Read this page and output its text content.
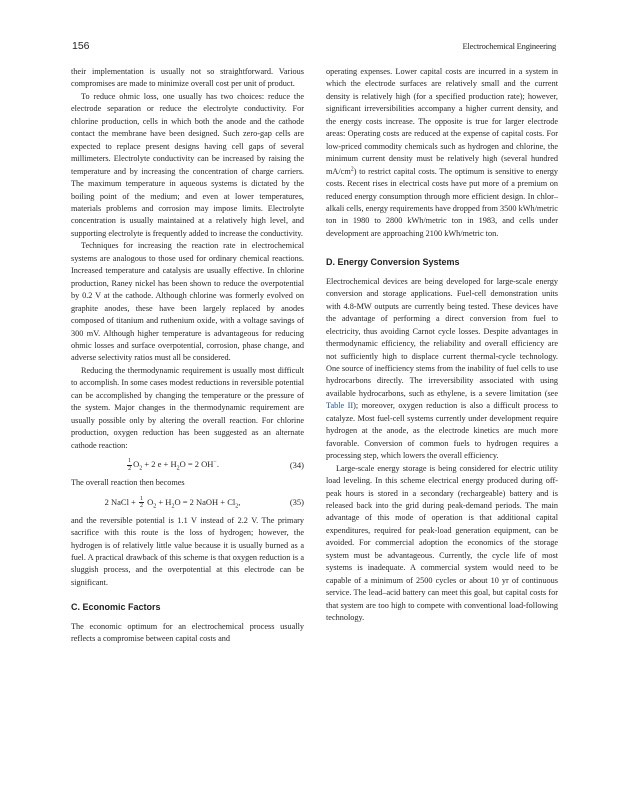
156	Electrochemical Engineering

their implementation is usually not so straightforward. Various compromises are made to minimize overall cost per unit of product.

To reduce ohmic loss, one usually has two choices: reduce the electrode separation or reduce the electrolyte conductivity. For chlorine production, cells in which both the anode and the cathode contact the membrane have been designed. Such zero-gap cells are expected to replace present designs having cell gaps of several millimeters. Electrolyte conductivity can be increased by raising the temperature and by increasing the concentration of charge carriers. The maximum temperature in aqueous systems is dictated by the boiling point of the medium; and even at lower temperatures, materials problems and corrosion may impose limits. Electrolyte concentration is usually maintained at a relatively high level, and supporting electrolyte is frequently added to increase the conductivity.

Techniques for increasing the reaction rate in electrochemical systems are analogous to those used for ordinary chemical reactions. Increased temperature and catalysis are usually effective. In chlorine production, Raney nickel has been shown to reduce the overpotential by 0.2 V at the cathode. Although chlorine was formerly evolved on graphite anodes, these have been largely replaced by anodes composed of titanium and ruthenium oxide, with a voltage savings of 300 mV. Although higher temperature is advantageous for reducing ohmic losses and surface overpotential, corrosion, phase change, and adverse selectivity ratios must all be considered.

Reducing the thermodynamic requirement is usually most difficult to accomplish. In some cases modest reductions in reversible potential can be accomplished by changing the temperature or the pressure of the system. Major changes in the thermodynamic requirement are usually possible only by altering the overall reaction. For chlorine production, oxygen reduction has been suggested as an alternate cathode reaction:

$\frac{1}{2} O_2 + 2$ $e + H_2O = 2$ OH−.	(34)

The overall reaction then becomes

2 NaCl + $\frac{1}{2} O_2 + H_2O = 2$ NaOH + $Cl_2$,	(35)

and the reversible potential is 1.1 V instead of 2.2 V. The primary sacrifice with this route is the loss of hydrogen; however, the hydrogen is of relatively little value because it is usually burned as a fuel. A practical drawback of this scheme is that oxygen reduction is a sluggish process, and the overpotential at this electrode can be significant.

C. Economic Factors

The economic optimum for an electrochemical process usually reflects a compromise between capital costs and

operating expenses. Lower capital costs are incurred in a system in which the electrode surfaces are relatively small and the current density is relatively high (for a specified production rate); however, significant irreversibilities accompany a higher current density, and the energy costs increase. The opposite is true for larger electrode areas: Operating costs are reduced at the expense of capital costs. For low-priced commodity chemicals such as hydrogen and chlorine, the minimum current density must be relatively high (several hundred $mA/cm^2$) to restrict capital costs. The optimum is sensitive to energy costs. Recent rises in electrical costs have put more of a premium on reduced energy consumption through more efficient design. In chlor–alkali cells, energy requirements have dropped from 3500 kWh/metric ton in 1980 to 2800 kWh/metric ton in 1983, and cells under development are approaching 2100 kWh/metric ton.

D. Energy Conversion Systems

Electrochemical devices are being developed for large-scale energy conversion and storage applications. Fuel-cell demonstration units with 4.8-MW outputs are currently being tested. These devices have the advantage of performing a direct conversion from fuel to electricity, thus avoiding Carnot cycle losses. Despite advantages in thermodynamic efficiency, the reliability and overall efficiency are not sufficiently high to displace current thermal-cycle technology. One source of inefficiency stems from the inability of fuel cells to use hydrocarbons directly. The irreversibility associated with using available hydrocarbons, such as ethylene, is a severe limitation (see Table II); moreover, oxygen reduction is also a difficult process to catalyze. Most fuel-cell systems currently under development require hydrogen at the anode, as the electrode kinetics are much more favorable. Conversion of common fuels to hydrogen requires a processing step, which lowers the overall efficiency.

Large-scale energy storage is being considered for electric utility load leveling. In this scheme electrical energy produced during off-peak hours is stored in a secondary (rechargeable) battery and is released back into the grid during peak-demand periods. The main advantage of this mode of operation is that additional capital expenditures, required for peak-load generation equipment, can be avoided. For commercial adoption the economics of the storage system must be advantageous. Currently, the cycle life of most systems is inadequate. A commercial system would need to be capable of a minimum of 2500 cycles or about 10 yr of continuous service. The lead–acid battery can meet this goal, but capital costs for that system are too high to compete with conventional load-following technology.
